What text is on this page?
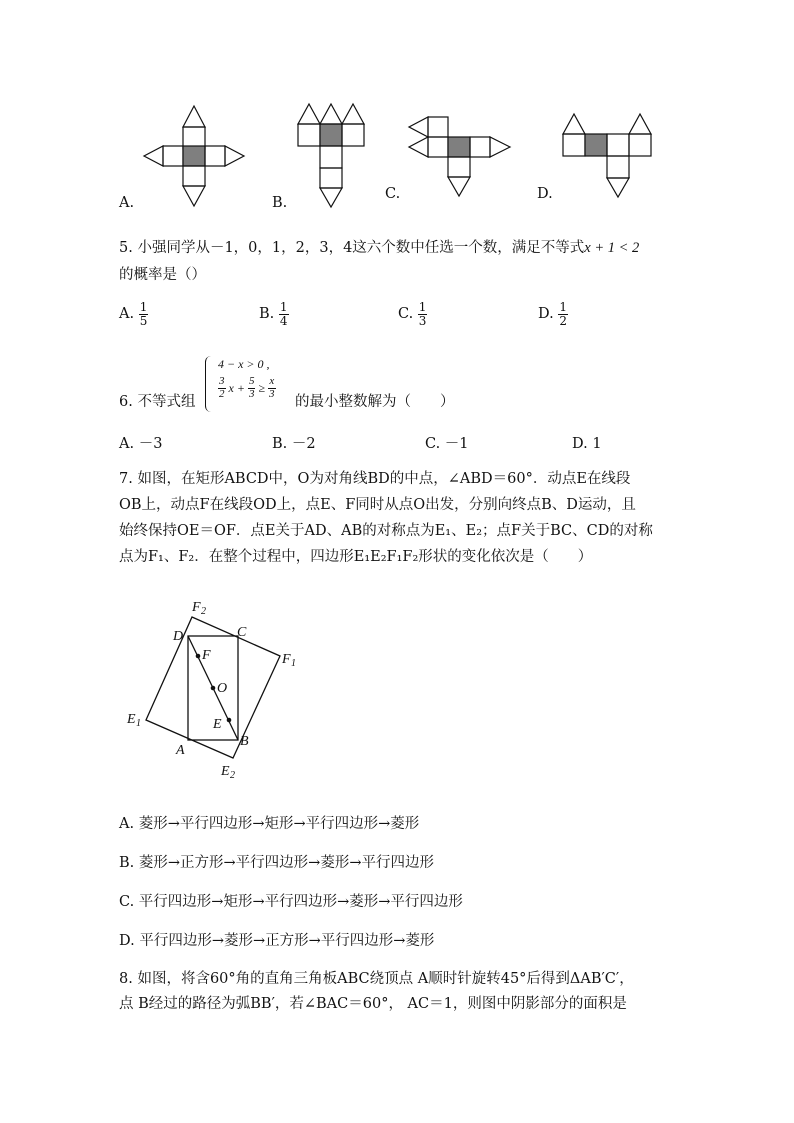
A.	B.
C.	D.
5. 小强同学从－1，0，1，2，3，4这六个数中任选一个数，满足不等式x + 1 < 2
的概率是（）
A. $\frac{1}{5}$	B. $\frac{1}{4}$	C. $\frac{1}{3}$	D. $\frac{1}{2}$
6. 不等式组
4 − x > 0 ,
$\frac{3}{2}$ $x + \frac{5}{3} \ge \frac{x}{3}$
的最小整数解为（　　）
A. －3	B. －2	C. －1	D. 1
7. 如图，在矩形ABCD中，O为对角线BD的中点，∠ABD＝60°．动点E在线段
OB上，动点F在线段OD上，点E、F同时从点O出发，分别向终点B、D运动，且
始终保持OE＝OF．点E关于AD、AB的对称点为E₁、E₂；点F关于BC、CD的对称
点为F₁、F₂．在整个过程中，四边形E₁E₂F₁F₂形状的变化依次是（　　）
F 2
D	C
F 1
F
O
E 1	E
A
B
E 2
A. 菱形→平行四边形→矩形→平行四边形→菱形
B. 菱形→正方形→平行四边形→菱形→平行四边形
C. 平行四边形→矩形→平行四边形→菱形→平行四边形
D. 平行四边形→菱形→正方形→平行四边形→菱形
8. 如图，将含60°角的直角三角板ABC绕顶点 A顺时针旋转45°后得到ΔAB′C′，
点 B经过的路径为弧BB′，若∠BAC＝60°， AC＝1，则图中阴影部分的面积是
